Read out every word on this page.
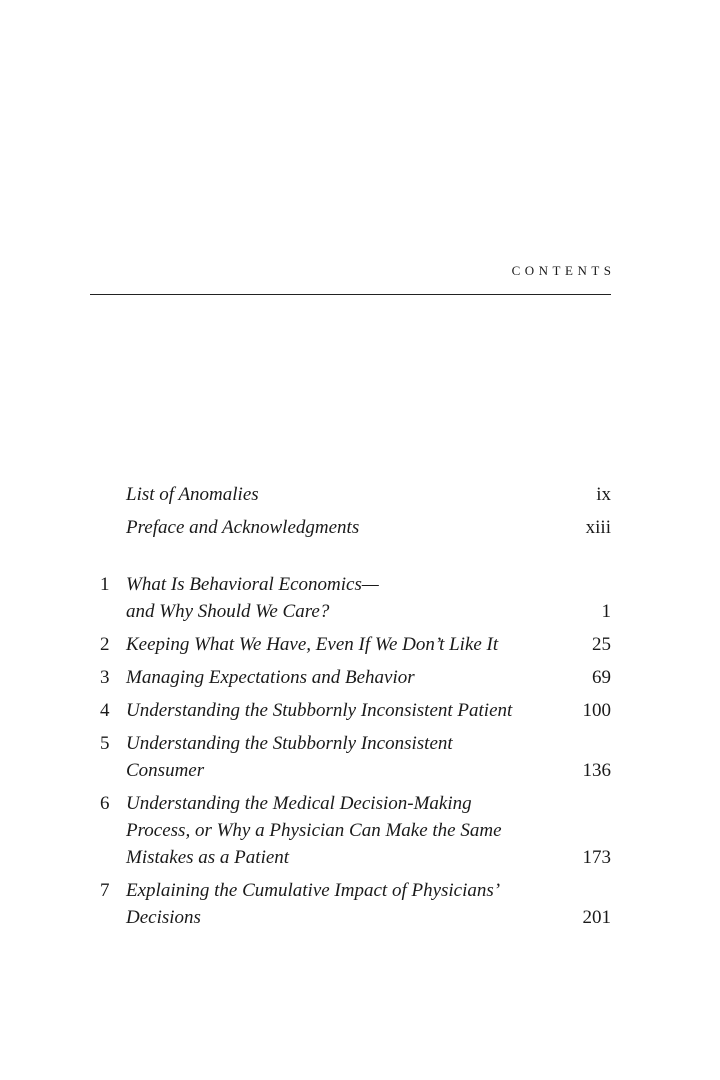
contents
List of Anomalies	ix
Preface and Acknowledgments	xiii
1 What Is Behavioral Economics—
and Why Should We Care?	1
2 Keeping What We Have, Even If We Don’t Like It	25
3 Managing Expectations and Behavior	69
4 Understanding the Stubbornly Inconsistent Patient	100
5 Understanding the Stubbornly Inconsistent
Consumer	136
6 Understanding the Medical Decision-Making
Process, or Why a Physician Can Make the Same
Mistakes as a Patient	173
7 Explaining the Cumulative Impact of Physicians’
Decisions	201
